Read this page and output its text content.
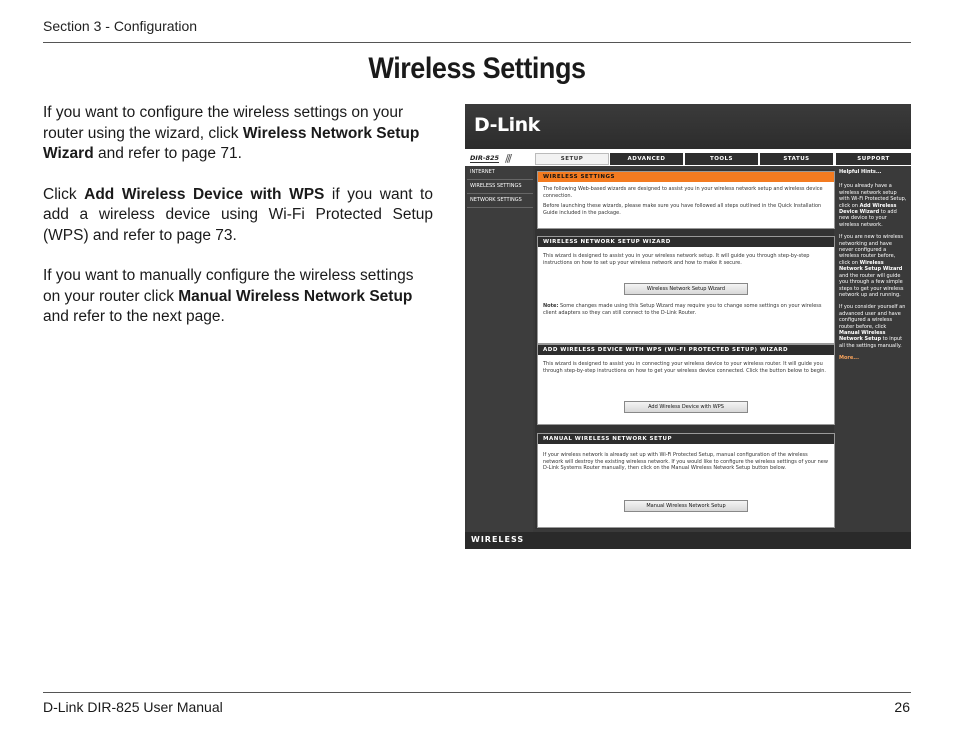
Section 3 - Configuration
Wireless Settings

If you want to configure the wireless settings on your router using the wizard, click Wireless Network Setup Wizard and refer to page 71.

Click Add Wireless Device with WPS if you want to add a wireless device using Wi-Fi Protected Setup (WPS) and refer to page 73.

If you want to manually configure the wireless settings on your router click Manual Wireless Network Setup and refer to the next page.

D-Link
DIR-825 ///	SETUP	ADVANCED	TOOLS	STATUS	SUPPORT
INTERNET
WIRELESS SETTINGS
NETWORK SETTINGS
WIRELESS SETTINGS

The following Web-based wizards are designed to assist you in your wireless network setup and wireless device connection.

Before launching these wizards, please make sure you have followed all steps outlined in the Quick Installation Guide included in the package.

WIRELESS NETWORK SETUP WIZARD

This wizard is designed to assist you in your wireless network setup. It will guide you through step-by-step instructions on how to set up your wireless network and how to make it secure.

Wireless Network Setup Wizard

Note: Some changes made using this Setup Wizard may require you to change some settings on your wireless client adapters so they can still connect to the D-Link Router.

ADD WIRELESS DEVICE WITH WPS (WI-FI PROTECTED SETUP) WIZARD

This wizard is designed to assist you in connecting your wireless device to your wireless router. It will guide you through step-by-step instructions on how to get your wireless device connected. Click the button below to begin.

Add Wireless Device with WPS
MANUAL WIRELESS NETWORK SETUP

If your wireless network is already set up with Wi-Fi Protected Setup, manual configuration of the wireless network will destroy the existing wireless network. If you would like to configure the wireless settings of your new D-Link Systems Router manually, then click on the Manual Wireless Network Setup button below.

Manual Wireless Network Setup
Helpful Hints...

If you already have a wireless network setup with Wi-Fi Protected Setup, click on Add Wireless Device Wizard to add new device to your wireless network.

If you are new to wireless networking and have never configured a wireless router before, click on Wireless Network Setup Wizard and the router will guide you through a few simple steps to get your wireless network up and running.

If you consider yourself an advanced user and have configured a wireless router before, click Manual Wireless Network Setup to input all the settings manually.

More...

WIRELESS
D-Link DIR-825 User Manual	26
